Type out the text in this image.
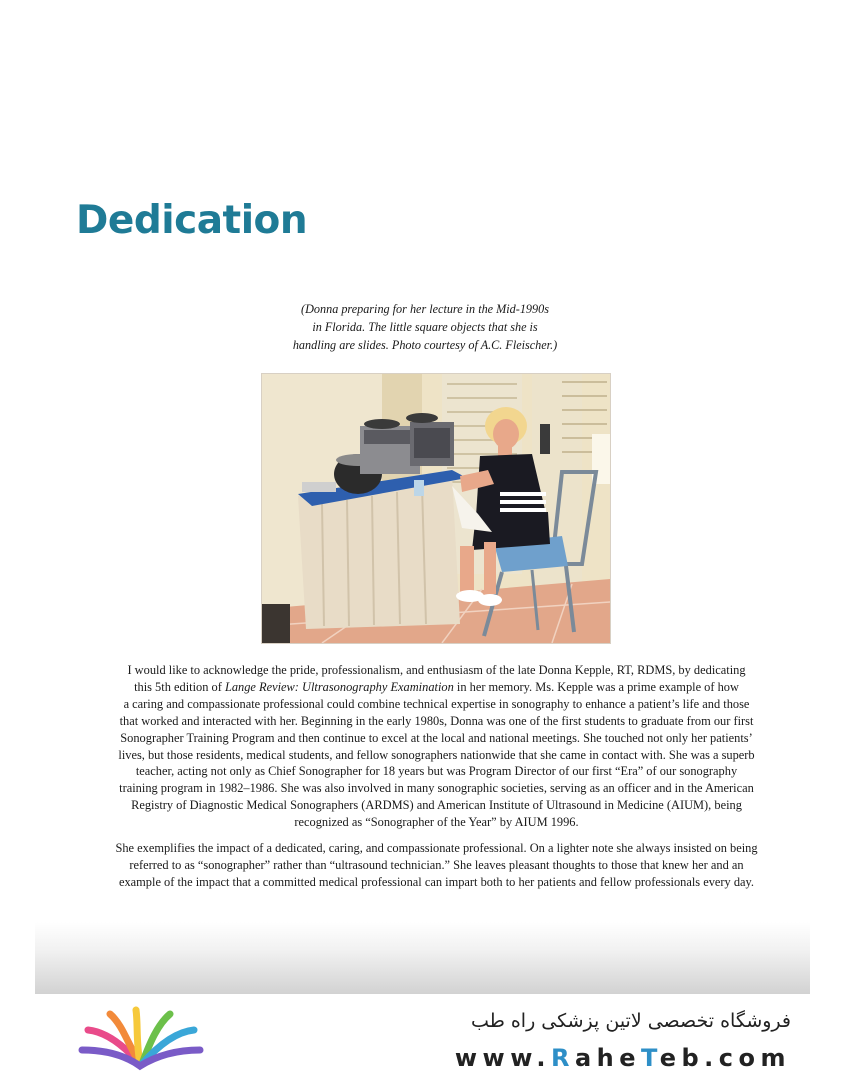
Dedication
(Donna preparing for her lecture in the Mid-1990s
in Florida. The little square objects that she is
handling are slides. Photo courtesy of A.C. Fleischer.)
I would like to acknowledge the pride, professionalism, and enthusiasm of the late Donna Kepple, RT, RDMS, by dedicating
this 5th edition of Lange Review: Ultrasonography Examination in her memory. Ms. Kepple was a prime example of how
a caring and compassionate professional could combine technical expertise in sonography to enhance a patient’s life and those
that worked and interacted with her. Beginning in the early 1980s, Donna was one of the first students to graduate from our first
Sonographer Training Program and then continue to excel at the local and national meetings. She touched not only her patients’
lives, but those residents, medical students, and fellow sonographers nationwide that she came in contact with. She was a superb
teacher, acting not only as Chief Sonographer for 18 years but was Program Director of our first “Era” of our sonography
training program in 1982–1986. She was also involved in many sonographic societies, serving as an officer and in the American
Registry of Diagnostic Medical Sonographers (ARDMS) and American Institute of Ultrasound in Medicine (AIUM), being
recognized as “Sonographer of the Year” by AIUM 1996.
She exemplifies the impact of a dedicated, caring, and compassionate professional. On a lighter note she always insisted on being
referred to as “sonographer” rather than “ultrasound technician.” She leaves pleasant thoughts to those that knew her and an
example of the impact that a committed medical professional can impart both to her patients and fellow professionals every day.
فروشگاه تخصصی لاتین پزشکی راه طب
www.RaheTeb.com
